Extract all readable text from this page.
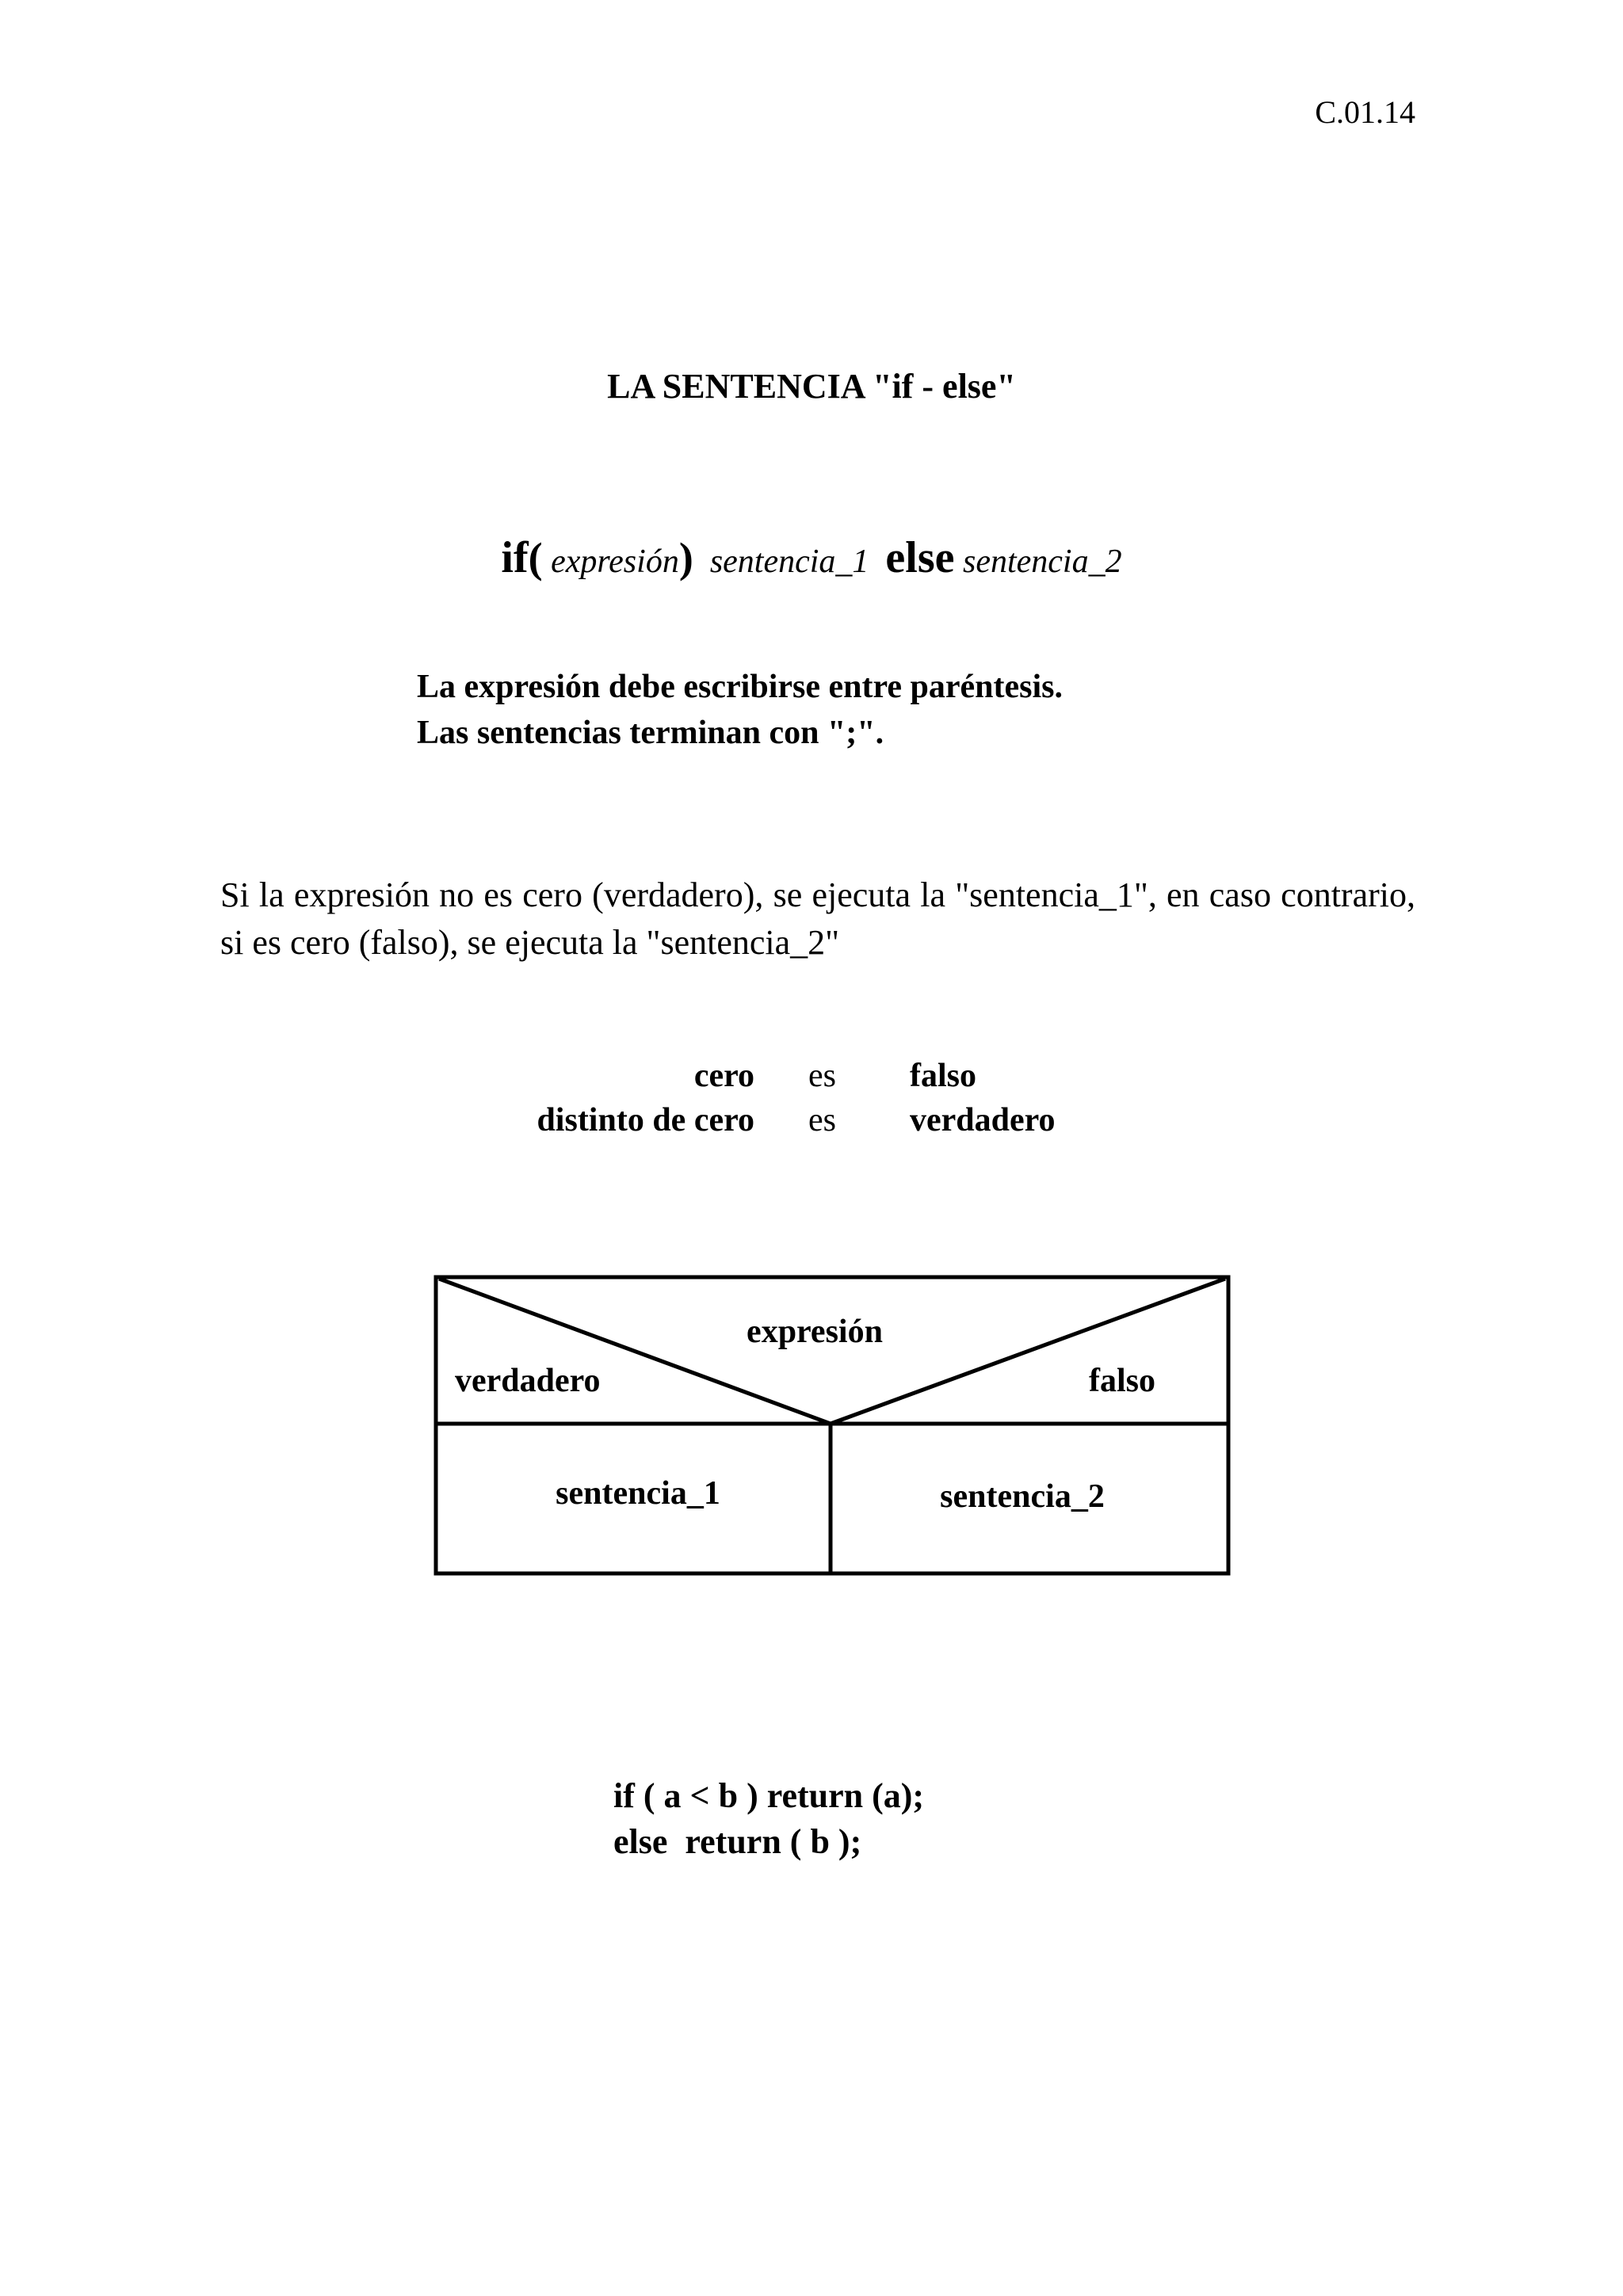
C.01.14
LA SENTENCIA "if - else"
if( expresión) sentencia_1 else sentencia_2
La expresión debe escribirse entre paréntesis.
Las sentencias terminan con ";".
Si la expresión no es cero (verdadero), se ejecuta la "sentencia_1", en caso contrario, si es cero (falso), se ejecuta la "sentencia_2"
cero es falso
distinto de cero es verdadero
expresión
verdadero	falso
sentencia_1	sentencia_2
if ( a < b ) return (a);
else  return ( b );
